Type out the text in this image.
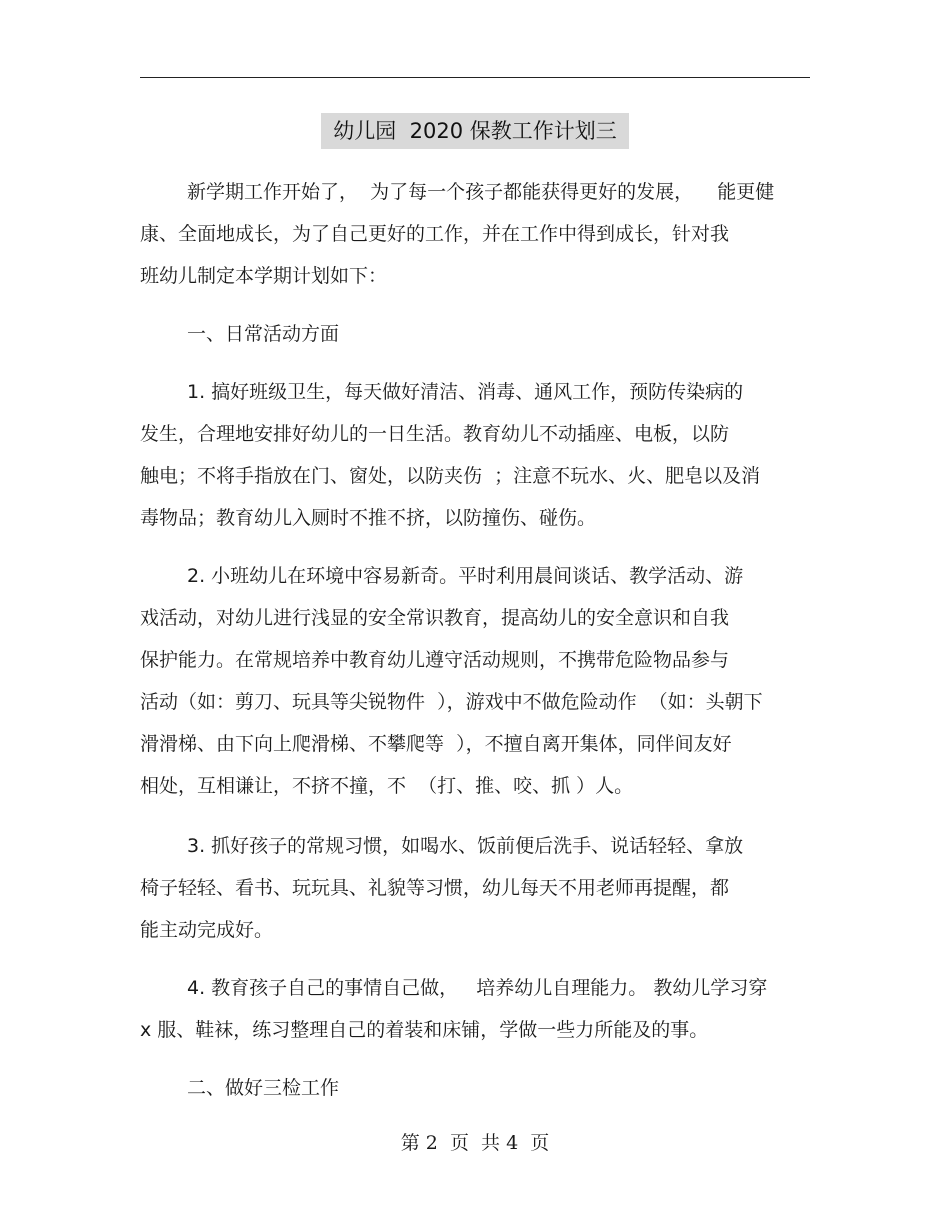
幼儿园  2020 保教工作计划三
新学期工作开始了，  为了每一个孩子都能获得更好的发展，    能更健
康、全面地成长，为了自己更好的工作，并在工作中得到成长，针对我
班幼儿制定本学期计划如下：
一、日常活动方面
1. 搞好班级卫生，每天做好清洁、消毒、通风工作，预防传染病的
发生，合理地安排好幼儿的一日生活。教育幼儿不动插座、电板，以防
触电；不将手指放在门、窗处，以防夹伤  ；注意不玩水、火、肥皂以及消
毒物品；教育幼儿入厕时不推不挤，以防撞伤、碰伤。
2. 小班幼儿在环境中容易新奇。平时利用晨间谈话、教学活动、游
戏活动，对幼儿进行浅显的安全常识教育，提高幼儿的安全意识和自我
保护能力。在常规培养中教育幼儿遵守活动规则，不携带危险物品参与
活动（如：剪刀、玩具等尖锐物件  ），游戏中不做危险动作  （如：头朝下
滑滑梯、由下向上爬滑梯、不攀爬等  ），不擅自离开集体，同伴间友好
相处，互相谦让，不挤不撞，不  （打、推、咬、抓 ）人。
3. 抓好孩子的常规习惯，如喝水、饭前便后洗手、说话轻轻、拿放
椅子轻轻、看书、玩玩具、礼貌等习惯，幼儿每天不用老师再提醒，都
能主动完成好。
4. 教育孩子自己的事情自己做，   培养幼儿自理能力。 教幼儿学习穿
x 服、鞋袜，练习整理自己的着装和床铺，学做一些力所能及的事。
二、做好三检工作
第 2  页  共 4  页
